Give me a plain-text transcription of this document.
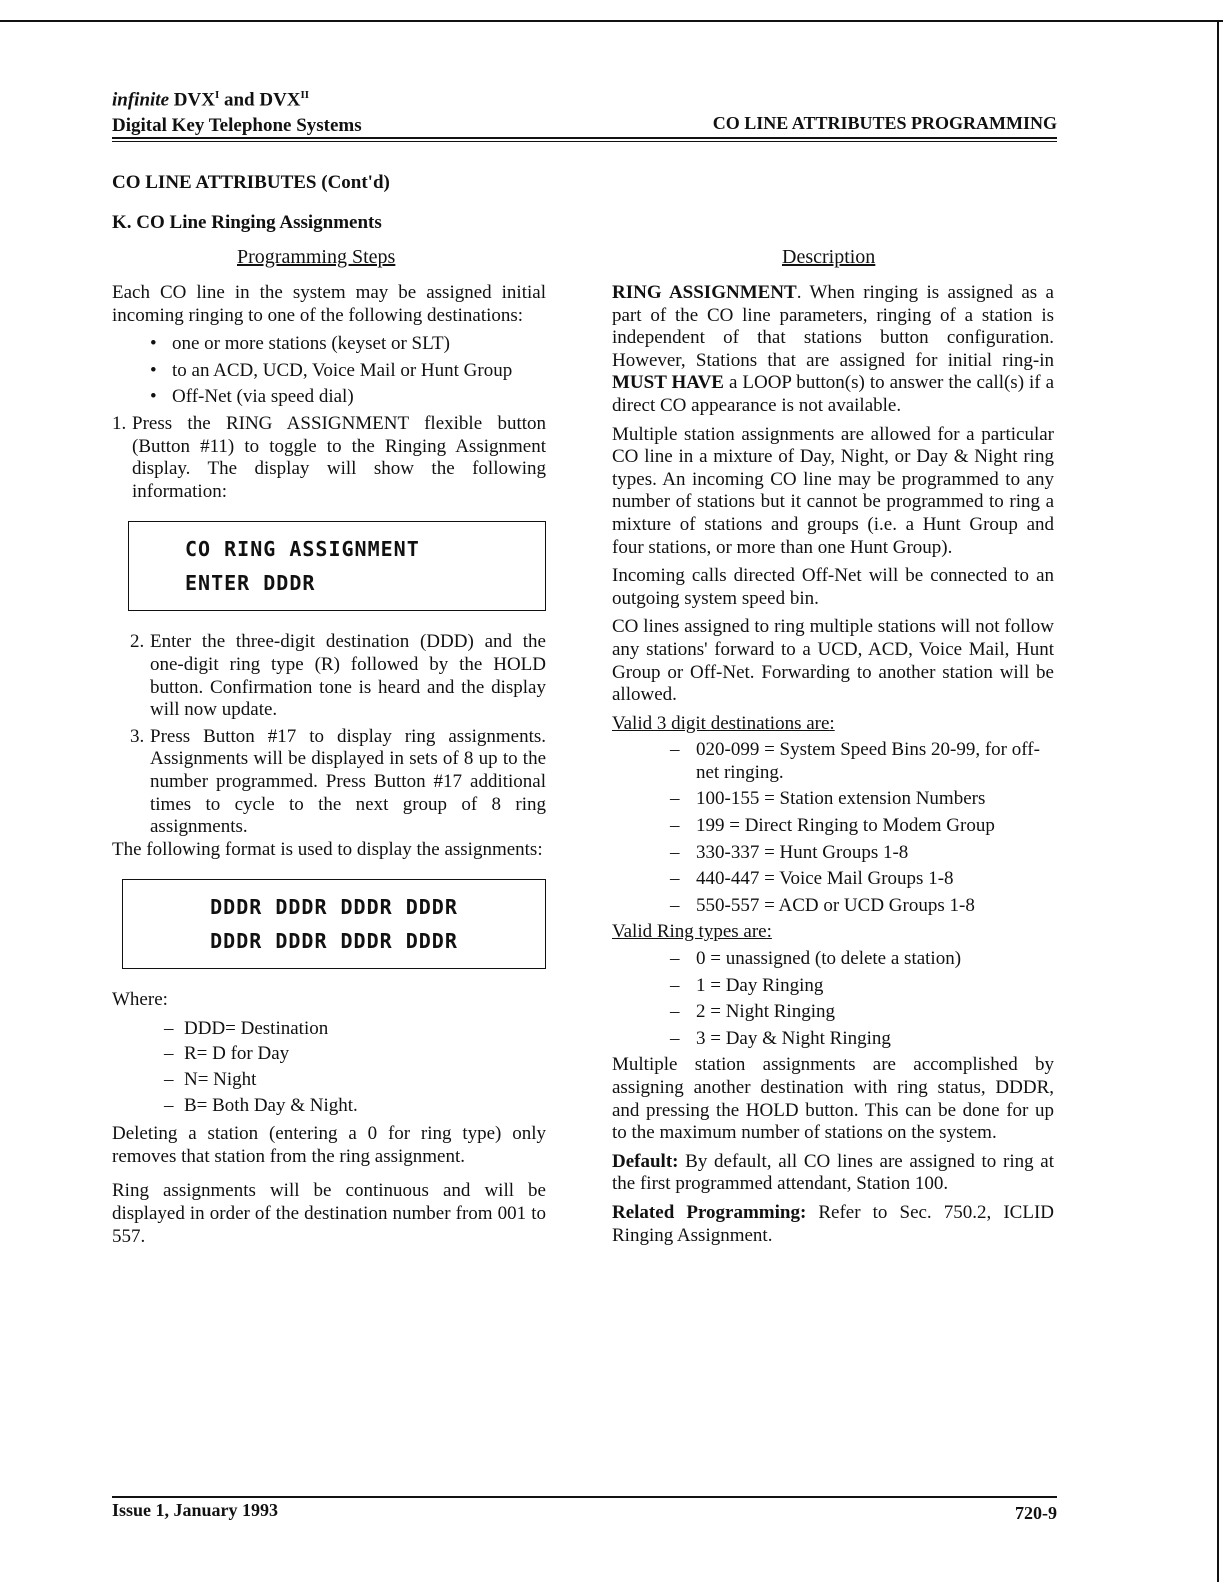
infinite $DVX^I$ and $DVX^{II}$
Digital Key Telephone Systems	CO LINE ATTRIBUTES PROGRAMMING
CO LINE ATTRIBUTES (Cont'd)
K. CO Line Ringing Assignments
Programming Steps	Description

Each CO line in the system may be assigned initial incoming ringing to one of the following destinations:

• one or more stations (keyset or SLT)
• to an ACD, UCD, Voice Mail or Hunt Group
• Off-Net (via speed dial)
1. Press the RING ASSIGNMENT flexible button (Button #11) to toggle to the Ringing Assignment display. The display will show the following information:
CO RING ASSIGNMENT
ENTER DDDR
2. Enter the three-digit destination (DDD) and the one-digit ring type (R) followed by the HOLD button. Confirmation tone is heard and the display will now update.
3. Press Button #17 to display ring assignments. Assignments will be displayed in sets of 8 up to the number programmed. Press Button #17 additional times to cycle to the next group of 8 ring assignments.

The following format is used to display the assignments:

DDDR DDDR DDDR DDDR
DDDR DDDR DDDR DDDR

Where:

– DDD= Destination
– R= D for Day
– N= Night
– B= Both Day & Night.

Deleting a station (entering a 0 for ring type) only removes that station from the ring assignment.

Ring assignments will be continuous and will be displayed in order of the destination number from 001 to 557.

RING ASSIGNMENT. When ringing is assigned as a part of the CO line parameters, ringing of a station is independent of that stations button configuration. However, Stations that are assigned for initial ring-in MUST HAVE a LOOP button(s) to answer the call(s) if a direct CO appearance is not available.

Multiple station assignments are allowed for a particular CO line in a mixture of Day, Night, or Day & Night ring types. An incoming CO line may be programmed to any number of stations but it cannot be programmed to ring a mixture of stations and groups (i.e. a Hunt Group and four stations, or more than one Hunt Group).

Incoming calls directed Off-Net will be connected to an outgoing system speed bin.

CO lines assigned to ring multiple stations will not follow any stations' forward to a UCD, ACD, Voice Mail, Hunt Group or Off-Net. Forwarding to another station will be allowed.

Valid 3 digit destinations are:
– 020-099 = System Speed Bins 20-99, for off-net ringing.
– 100-155 = Station extension Numbers
– 199 = Direct Ringing to Modem Group
– 330-337 = Hunt Groups 1-8
– 440-447 = Voice Mail Groups 1-8
– 550-557 = ACD or UCD Groups 1-8
Valid Ring types are:
– 0 = unassigned (to delete a station)
– 1 = Day Ringing
– 2 = Night Ringing
– 3 = Day & Night Ringing

Multiple station assignments are accomplished by assigning another destination with ring status, DDDR, and pressing the HOLD button. This can be done for up to the maximum number of stations on the system.

Default: By default, all CO lines are assigned to ring at the first programmed attendant, Station 100.

Related Programming: Refer to Sec. 750.2, ICLID Ringing Assignment.

Issue 1, January 1993	720-9
